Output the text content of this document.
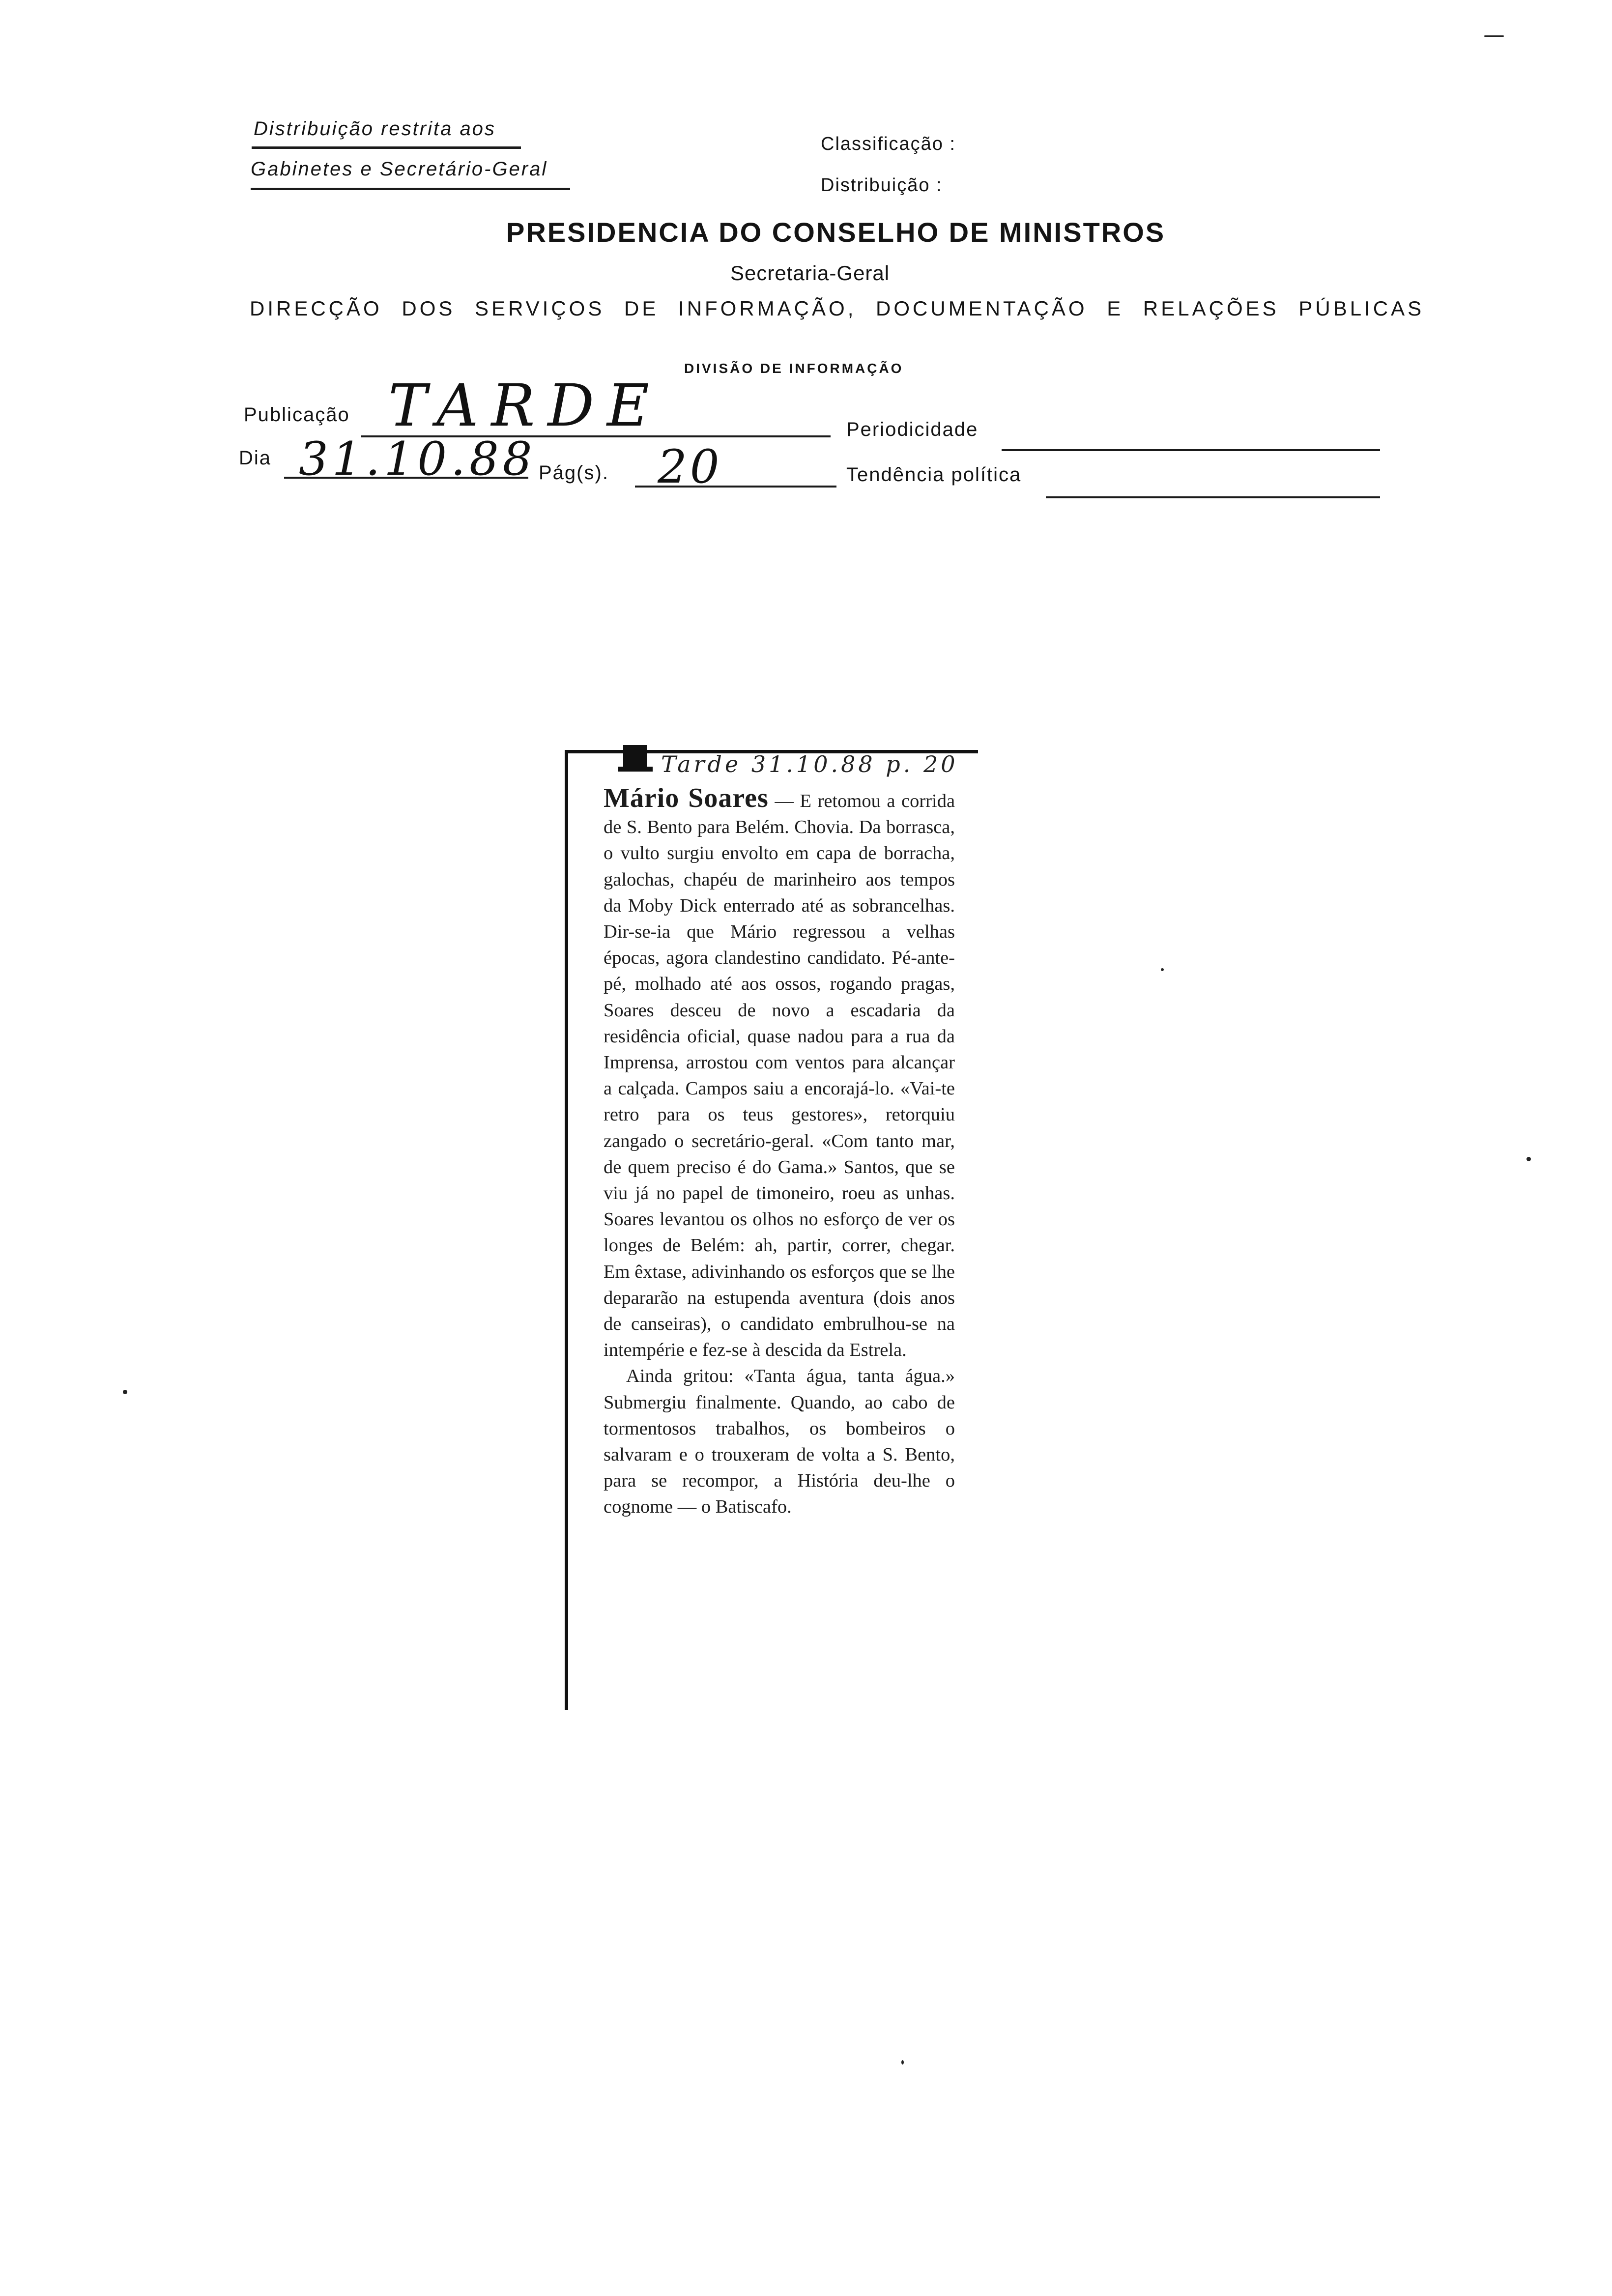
Distribuição restrita aos
Gabinetes e Secretário-Geral
Classificação :
Distribuição :
PRESIDENCIA DO CONSELHO DE MINISTROS
Secretaria-Geral
DIRECÇÃO DOS SERVIÇOS DE INFORMAÇÃO, DOCUMENTAÇÃO E RELAÇÕES PÚBLICAS
DIVISÃO DE INFORMAÇÃO
Publicação TARDE	Periodicidade
Dia 31.10.88 Pág(s). 20	Tendência política
Tarde 31.10.88 p. 20

Mário Soares — E retomou a corrida de S. Bento para Belém. Chovia. Da borrasca, o vulto surgiu envolto em capa de borracha, galochas, chapéu de marinheiro aos tempos da Moby Dick enterrado até as sobrancelhas. Dir-se-ia que Mário regressou a velhas épocas, agora clandestino candidato. Pé-ante-pé, molhado até aos ossos, rogando pragas, Soares desceu de novo a escadaria da residência oficial, quase nadou para a rua da Imprensa, arrostou com ventos para alcançar a calçada. Campos saiu a encorajá-lo. «Vai-te retro para os teus gestores», retorquiu zangado o secretário-geral. «Com tanto mar, de quem preciso é do Gama.» Santos, que se viu já no papel de timoneiro, roeu as unhas. Soares levantou os olhos no esforço de ver os longes de Belém: ah, partir, correr, chegar. Em êxtase, adivinhando os esforços que se lhe depararão na estupenda aventura (dois anos de canseiras), o candidato embrulhou-se na intempérie e fez-se à descida da Estrela.

Ainda gritou: «Tanta água, tanta água.» Submergiu finalmente. Quando, ao cabo de tormentosos trabalhos, os bombeiros o salvaram e o trouxeram de volta a S. Bento, para se recompor, a História deu-lhe o cognome — o Batiscafo.
